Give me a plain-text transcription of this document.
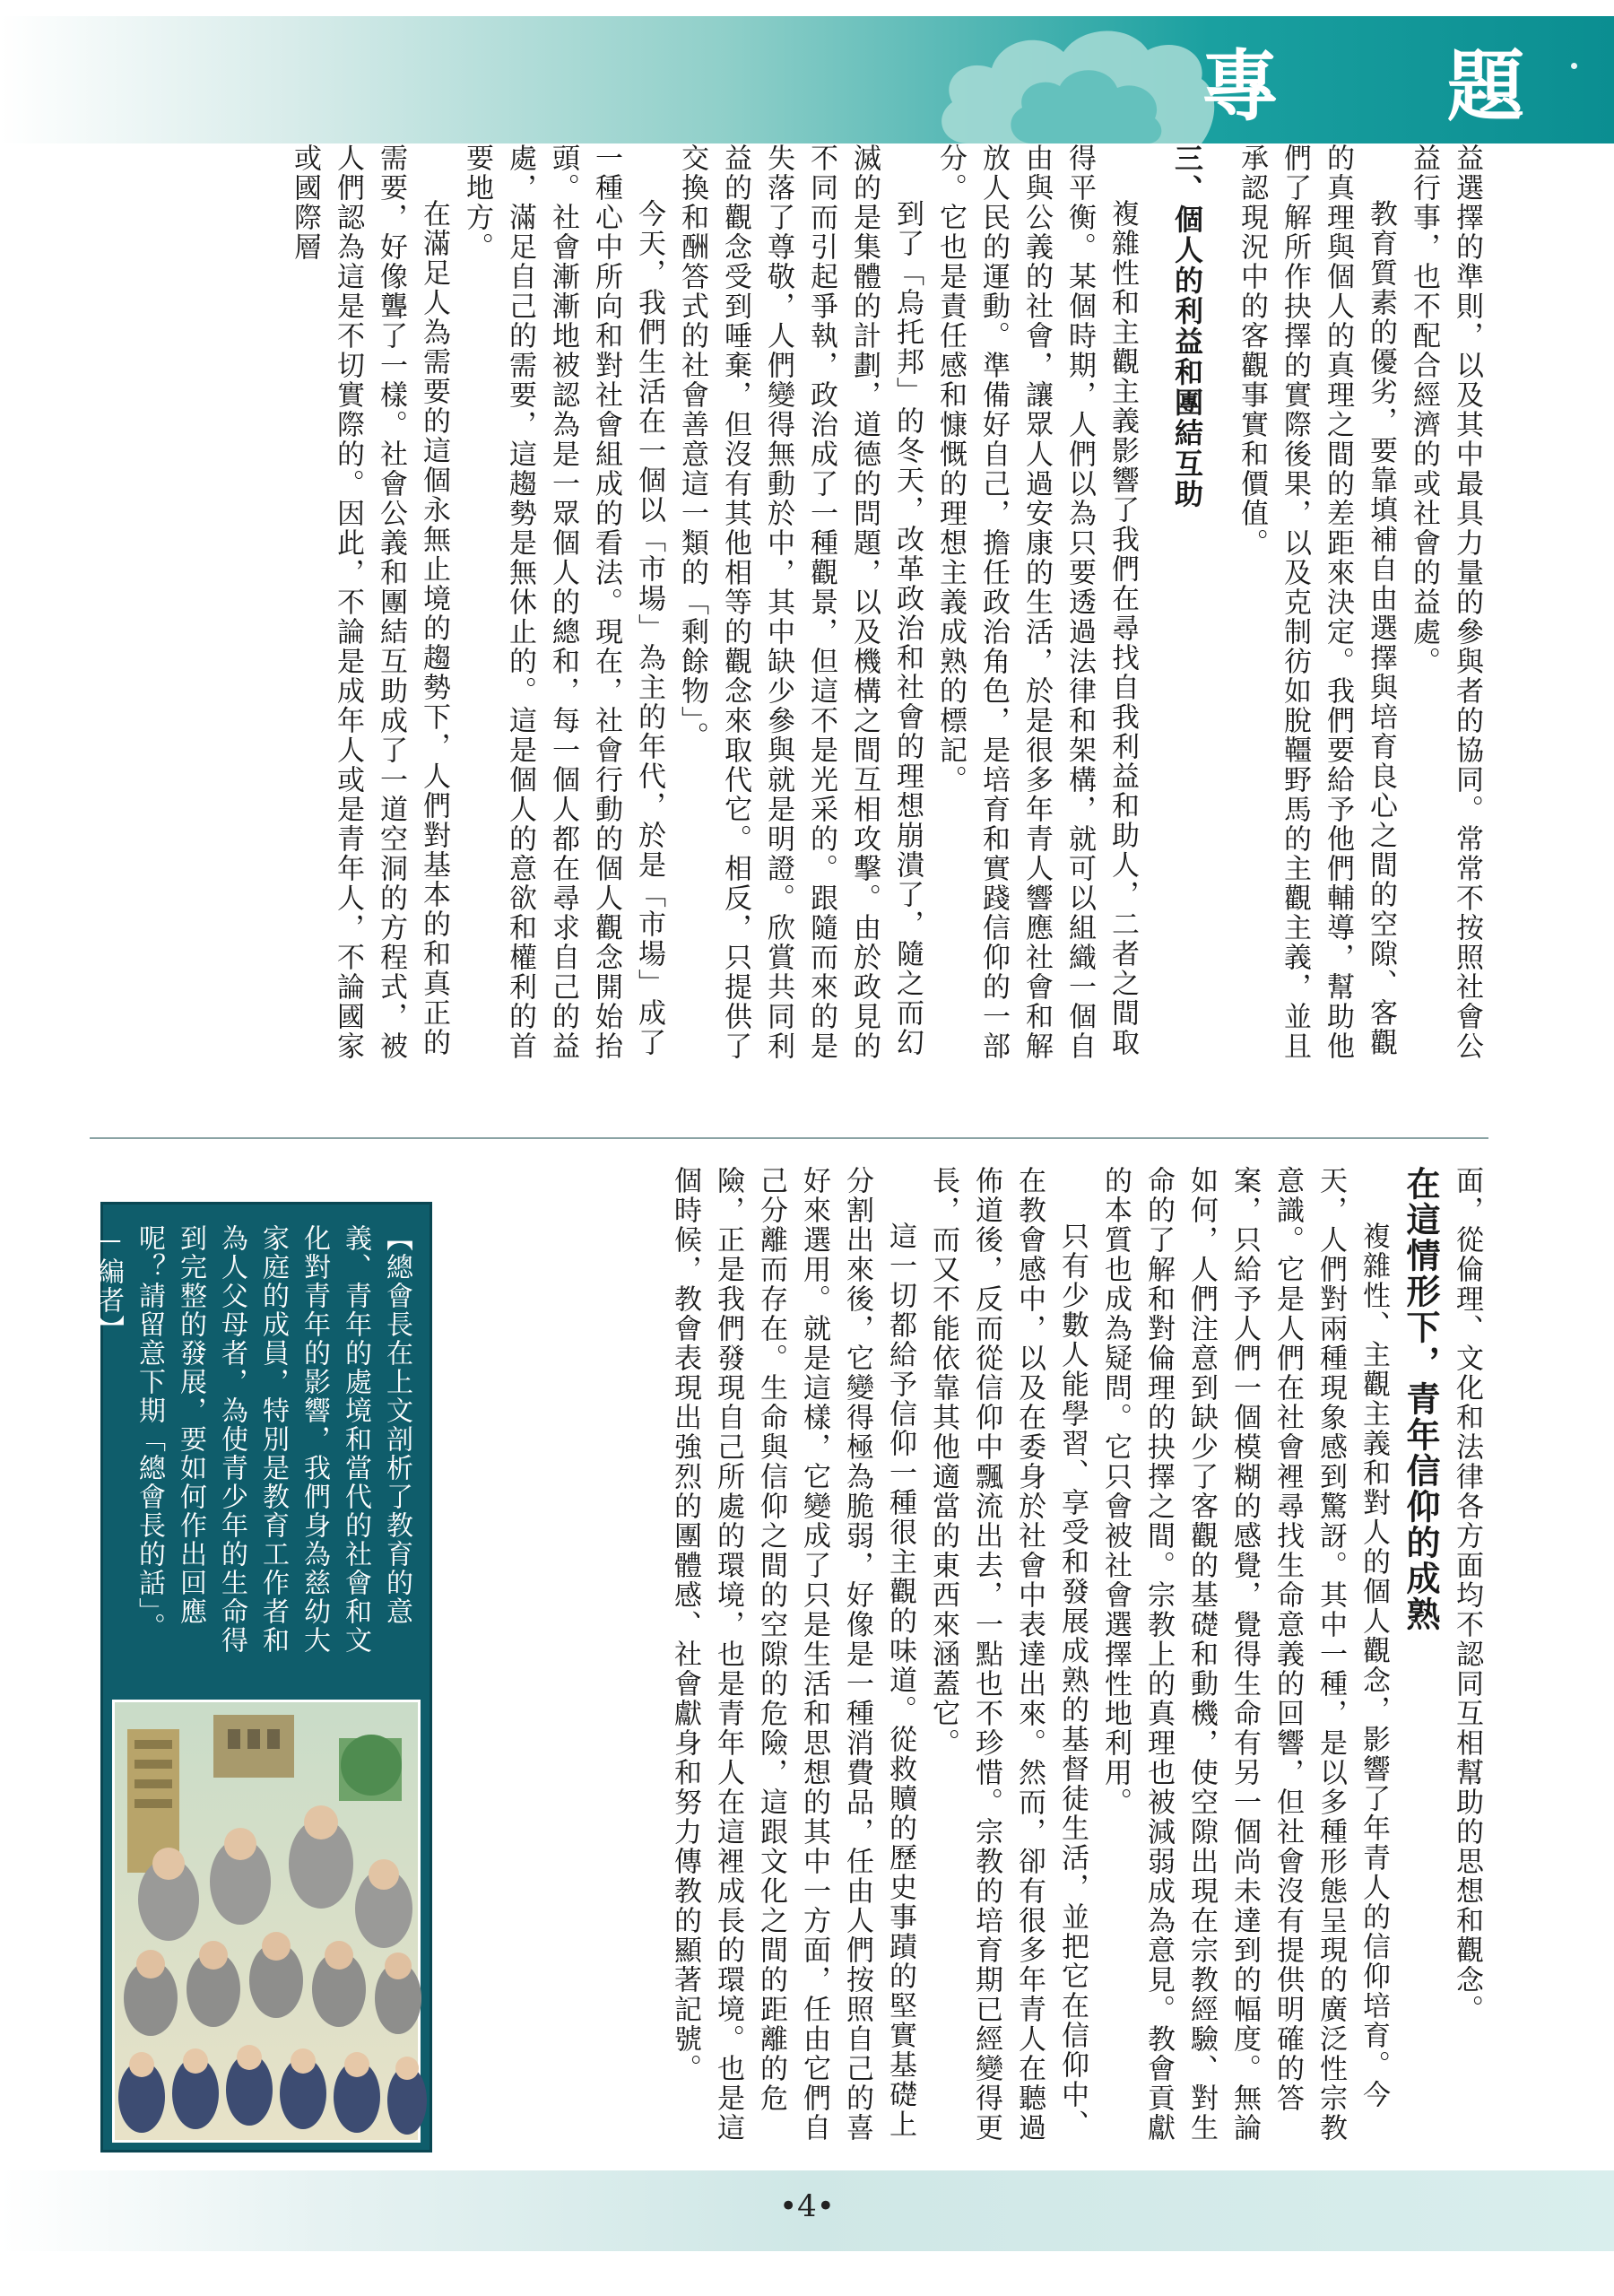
專 題

益選擇的準則，以及其中最具力量的參與者的協同。常常不按照社會公益行事，也不配合經濟的或社會的益處。

教育質素的優劣，要靠填補自由選擇與培育良心之間的空隙、客觀的真理與個人的真理之間的差距來決定。我們要給予他們輔導，幫助他們了解所作抉擇的實際後果，以及克制彷如脫韁野馬的主觀主義，並且承認現況中的客觀事實和價值。

三、個人的利益和團結互助

複雜性和主觀主義影響了我們在尋找自我利益和助人，二者之間取得平衡。某個時期，人們以為只要透過法律和架構，就可以組織一個自由與公義的社會，讓眾人過安康的生活，於是很多年青人響應社會和解放人民的運動。準備好自己，擔任政治角色，是培育和實踐信仰的一部分。它也是責任感和慷慨的理想主義成熟的標記。

到了「烏托邦」的冬天，改革政治和社會的理想崩潰了，隨之而幻滅的是集體的計劃，道德的問題，以及機構之間互相攻擊。由於政見的不同而引起爭執，政治成了一種觀景，但這不是光采的。跟隨而來的是失落了尊敬，人們變得無動於中，其中缺少參與就是明證。欣賞共同利益的觀念受到唾棄，但沒有其他相等的觀念來取代它。相反，只提供了交換和酬答式的社會善意這一類的「剩餘物」。

今天，我們生活在一個以「市場」為主的年代，於是「市場」成了一種心中所向和對社會組成的看法。現在，社會行動的個人觀念開始抬頭。社會漸漸地被認為是一眾個人的總和，每一個人都在尋求自己的益處，滿足自己的需要，這趨勢是無休止的。這是個人的意欲和權利的首要地方。

在滿足人為需要的這個永無止境的趨勢下，人們對基本的和真正的需要，好像聾了一樣。社會公義和團結互助成了一道空洞的方程式，被人們認為這是不切實際的。因此，不論是成年人或是青年人，不論國家或國際層

面，從倫理、文化和法律各方面均不認同互相幫助的思想和觀念。

在這情形下，青年信仰的成熟

複雜性、主觀主義和對人的個人觀念，影響了年青人的信仰培育。今天，人們對兩種現象感到驚訝。其中一種，是以多種形態呈現的廣泛性宗教意識。它是人們在社會裡尋找生命意義的回響，但社會沒有提供明確的答案，只給予人們一個模糊的感覺，覺得生命有另一個尚未達到的幅度。無論如何，人們注意到缺少了客觀的基礎和動機，使空隙出現在宗教經驗、對生命的了解和對倫理的抉擇之間。宗教上的真理也被減弱成為意見。教會貢獻的本質也成為疑問。它只會被社會選擇性地利用。

只有少數人能學習、享受和發展成熟的基督徒生活，並把它在信仰中、在教會感中，以及在委身於社會中表達出來。然而，卻有很多年青人在聽過佈道後，反而從信仰中飄流出去，一點也不珍惜。宗教的培育期已經變得更長，而又不能依靠其他適當的東西來涵蓋它。

這一切都給予信仰一種很主觀的味道。從救贖的歷史事蹟的堅實基礎上分割出來後，它變得極為脆弱，好像是一種消費品，任由人們按照自己的喜好來選用。就是這樣，它變成了只是生活和思想的其中一方面，任由它們自己分離而存在。生命與信仰之間的空隙的危險，這跟文化之間的距離的危險，正是我們發現自己所處的環境，也是青年人在這裡成長的環境。也是這個時候，教會表現出強烈的團體感、社會獻身和努力傳教的顯著記號。

【總會長在上文剖析了教育的意義、青年的處境和當代的社會和文化對青年的影響，我們身為慈幼大家庭的成員，特別是教育工作者和為人父母者，為使青少年的生命得到完整的發展，要如何作出回應呢？請留意下期「總會長的話」。—編者】
•4•
